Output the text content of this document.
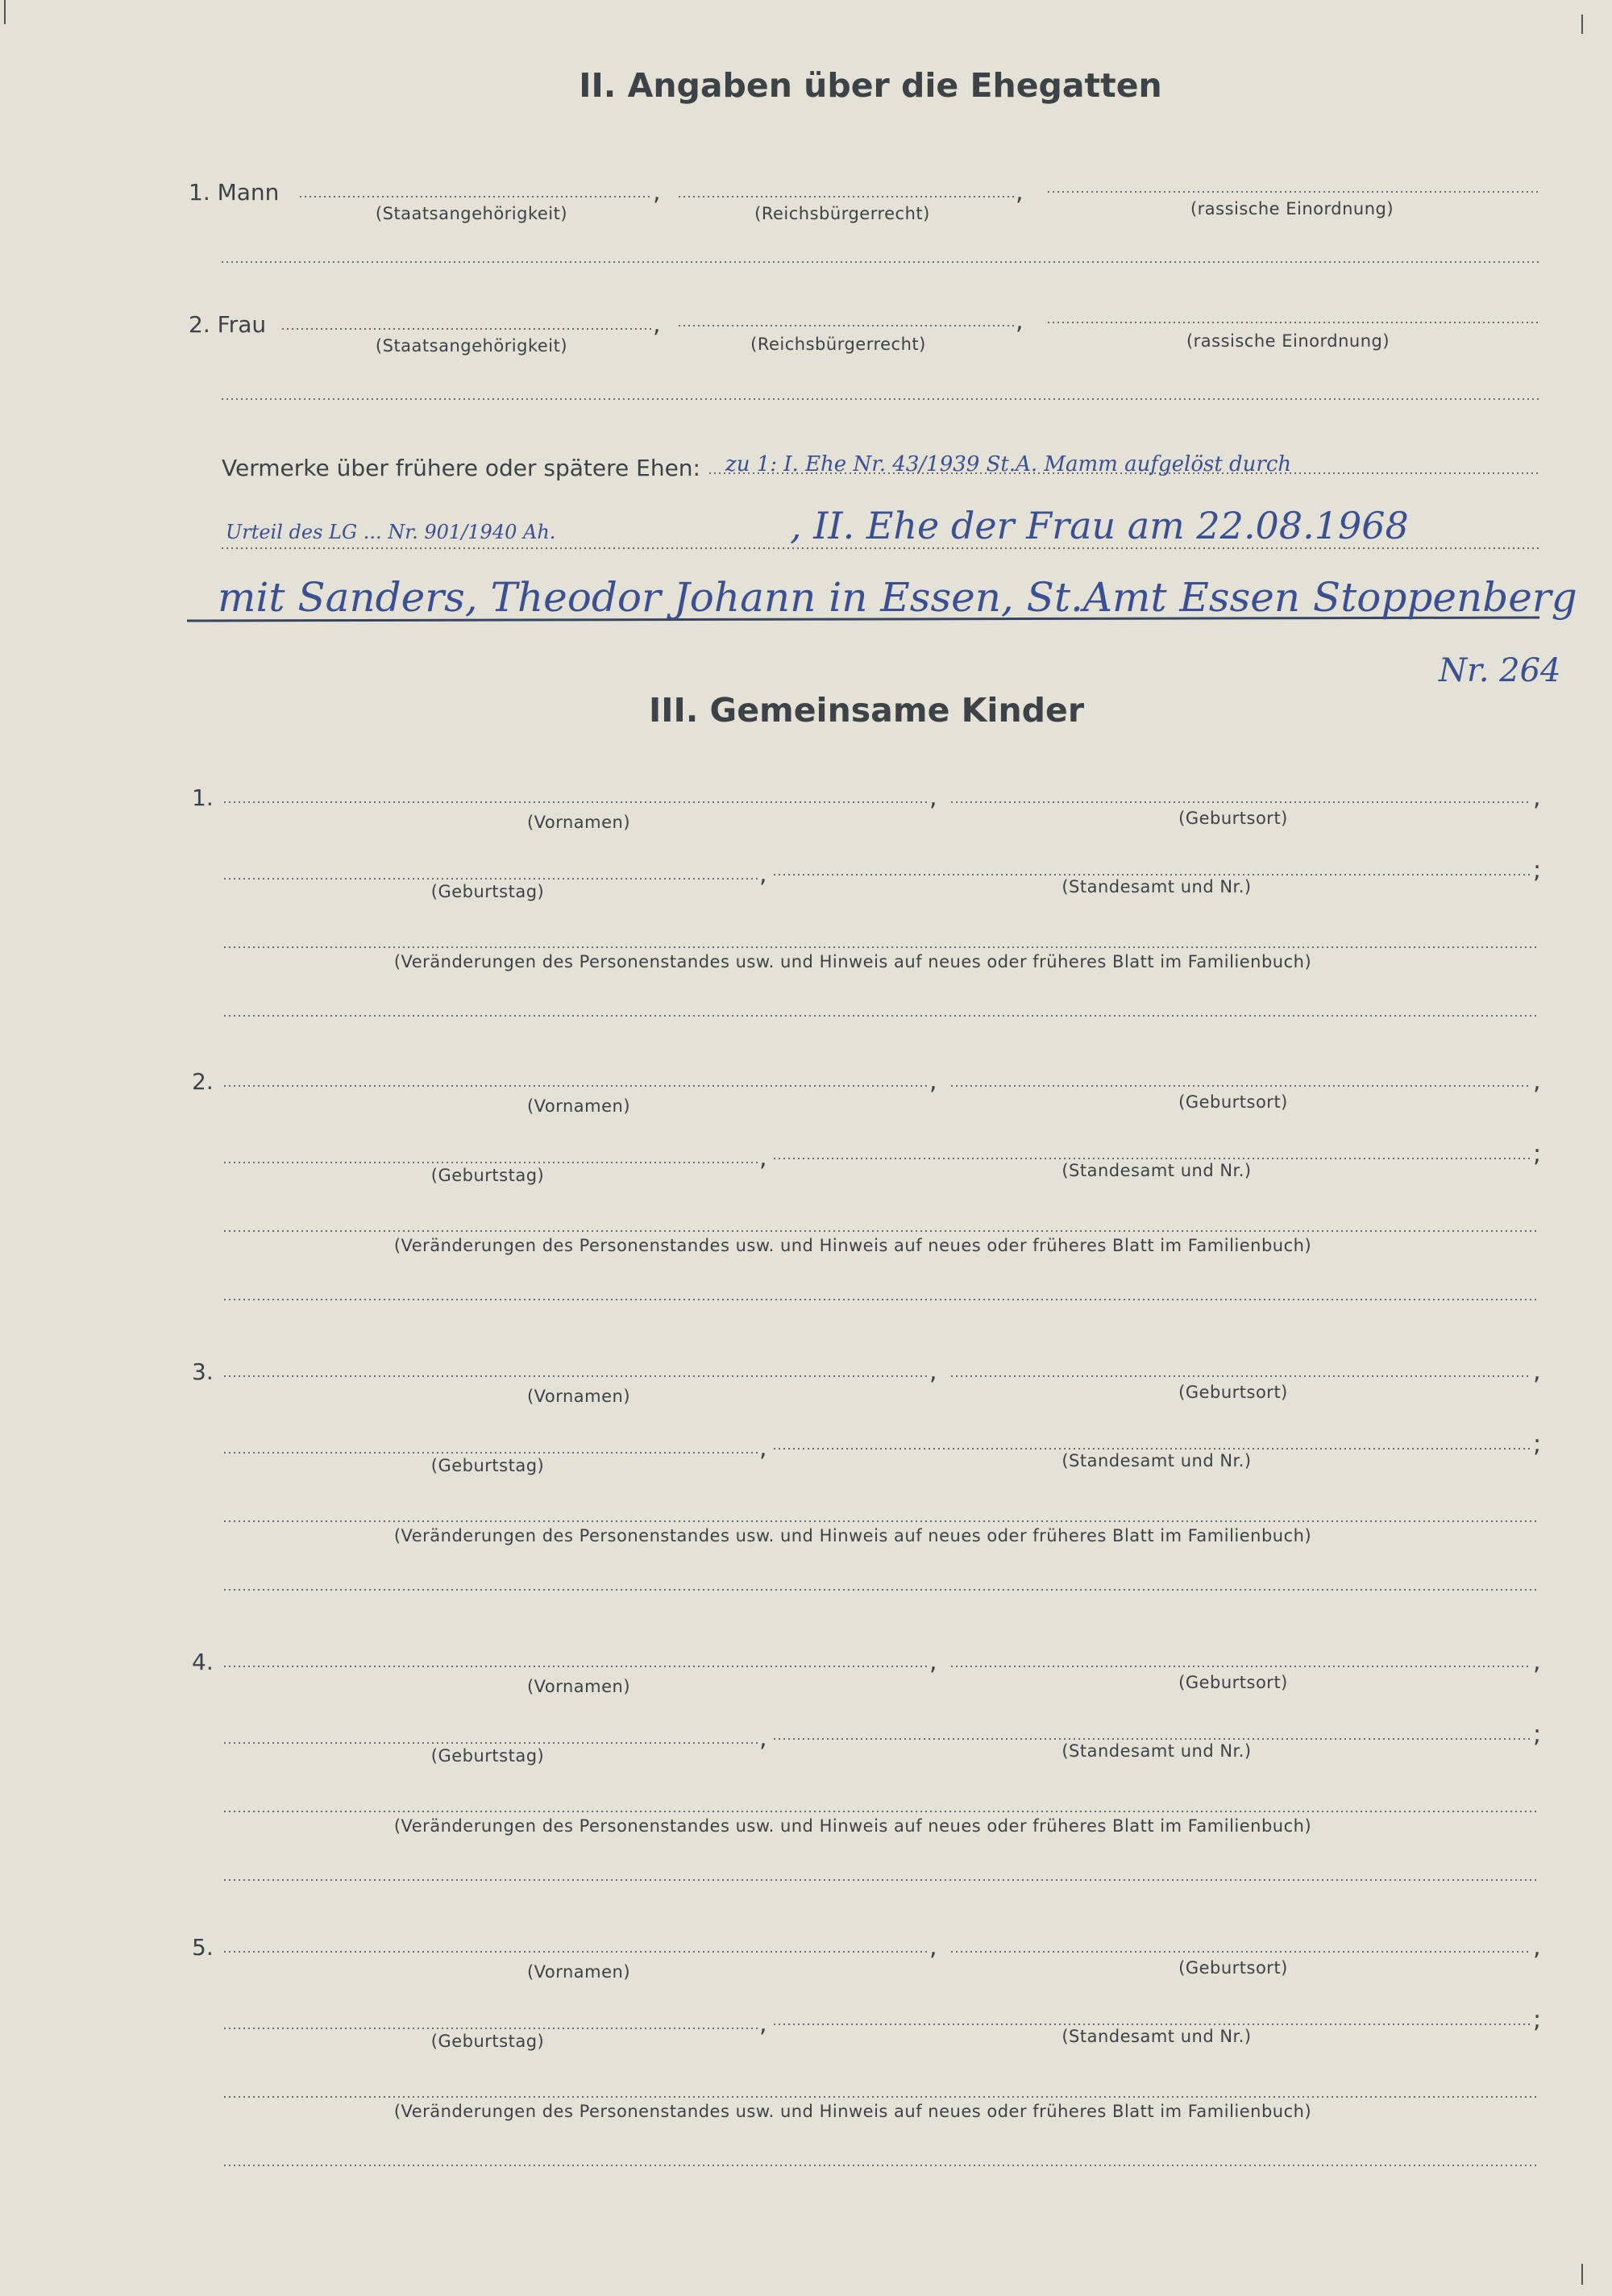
II. Angaben über die Ehegatten
1. Mann	,	,
(Staatsangehörigkeit)	(Reichsbürgerrecht)	(rassische Einordnung)
2. Frau	,	,
(Staatsangehörigkeit)	(Reichsbürgerrecht)	(rassische Einordnung)
Vermerke über frühere oder spätere Ehen: zu 1: I. Ehe Nr. 43/1939 St.A. Mamm aufgelöst durch
Urteil des LG ... Nr. 901/1940 Ah.	, II. Ehe der Frau am 22.08.1968
mit Sanders, Theodor Johann in Essen, St.Amt Essen Stoppenberg
Nr. 264
III. Gemeinsame Kinder
1.	,	,
(Vornamen)	(Geburtsort)
,	;
(Geburtstag)	(Standesamt und Nr.)
(Veränderungen des Personenstandes usw. und Hinweis auf neues oder früheres Blatt im Familienbuch)
2.	,	,
(Vornamen)	(Geburtsort)
,	;
(Geburtstag)	(Standesamt und Nr.)
(Veränderungen des Personenstandes usw. und Hinweis auf neues oder früheres Blatt im Familienbuch)
3.	,	,
(Vornamen)	(Geburtsort)
,	;
(Geburtstag)	(Standesamt und Nr.)
(Veränderungen des Personenstandes usw. und Hinweis auf neues oder früheres Blatt im Familienbuch)
4.	,	,
(Vornamen)	(Geburtsort)
,	;
(Geburtstag)	(Standesamt und Nr.)
(Veränderungen des Personenstandes usw. und Hinweis auf neues oder früheres Blatt im Familienbuch)
5.	,	,
(Vornamen)	(Geburtsort)
,	;
(Geburtstag)	(Standesamt und Nr.)
(Veränderungen des Personenstandes usw. und Hinweis auf neues oder früheres Blatt im Familienbuch)
